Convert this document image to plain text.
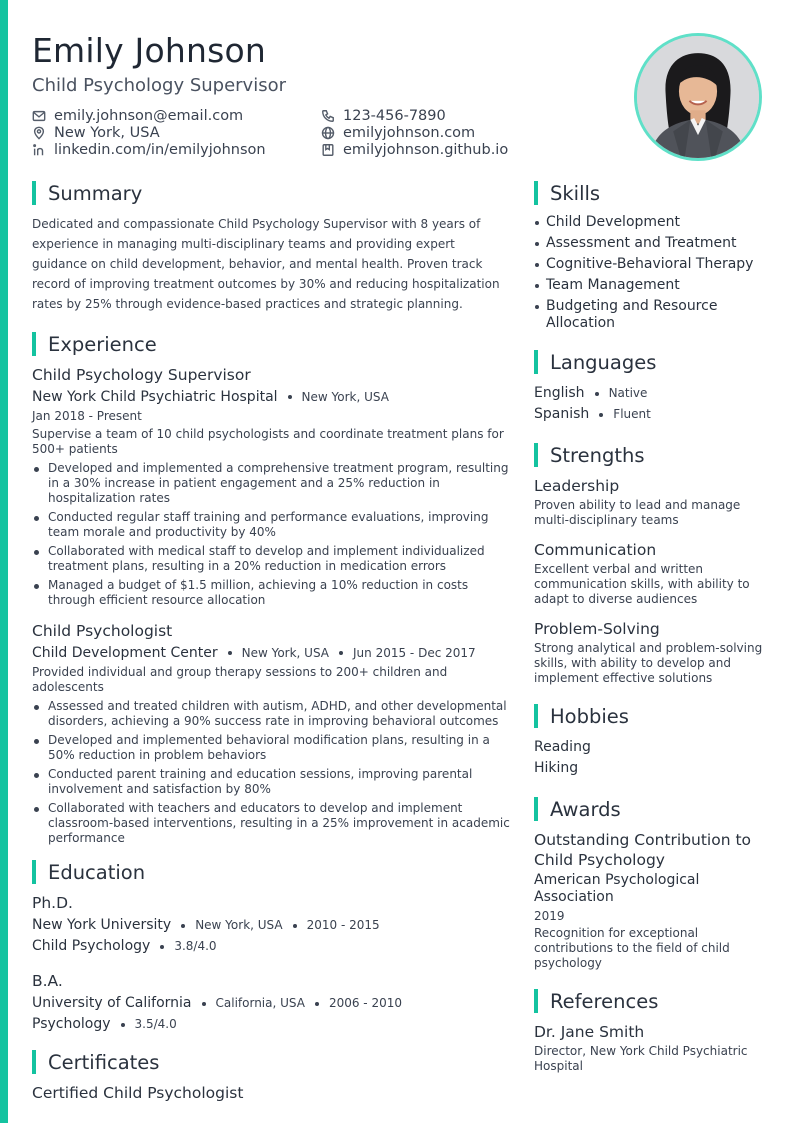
Emily Johnson
Child Psychology Supervisor
emily.johnson@email.com	123-456-7890
New York, USA	emilyjohnson.com
linkedin.com/in/emilyjohnson	emilyjohnson.github.io
Summary

Dedicated and compassionate Child Psychology Supervisor with 8 years of experience in managing multi-disciplinary teams and providing expert guidance on child development, behavior, and mental health. Proven track record of improving treatment outcomes by 30% and reducing hospitalization rates by 25% through evidence-based practices and strategic planning.

Experience
Child Psychology Supervisor
New York Child Psychiatric Hospital New York, USA
Jan 2018 - Present
Supervise a team of 10 child psychologists and coordinate treatment plans for 500+ patients
Developed and implemented a comprehensive treatment program, resulting in a 30% increase in patient engagement and a 25% reduction in hospitalization rates
Conducted regular staff training and performance evaluations, improving team morale and productivity by 40%
Collaborated with medical staff to develop and implement individualized treatment plans, resulting in a 20% reduction in medication errors
Managed a budget of $1.5 million, achieving a 10% reduction in costs through efficient resource allocation
Child Psychologist
Child Development Center New York, USA Jun 2015 - Dec 2017
Provided individual and group therapy sessions to 200+ children and adolescents
Assessed and treated children with autism, ADHD, and other developmental disorders, achieving a 90% success rate in improving behavioral outcomes
Developed and implemented behavioral modification plans, resulting in a 50% reduction in problem behaviors
Conducted parent training and education sessions, improving parental involvement and satisfaction by 80%
Collaborated with teachers and educators to develop and implement classroom-based interventions, resulting in a 25% improvement in academic performance
Education
Ph.D.
New York University New York, USA 2010 - 2015
Child Psychology 3.8/4.0
B.A.
University of California California, USA 2006 - 2010
Psychology 3.5/4.0
Certificates
Certified Child Psychologist
Skills
Child Development
Assessment and Treatment
Cognitive-Behavioral Therapy
Team Management
Budgeting and Resource Allocation
Languages
English Native
Spanish Fluent
Strengths
Leadership
Proven ability to lead and manage multi-disciplinary teams
Communication
Excellent verbal and written communication skills, with ability to adapt to diverse audiences
Problem-Solving
Strong analytical and problem-solving skills, with ability to develop and implement effective solutions
Hobbies
Reading
Hiking
Awards
Outstanding Contribution to Child Psychology
American Psychological Association
2019
Recognition for exceptional contributions to the field of child psychology
References
Dr. Jane Smith
Director, New York Child Psychiatric Hospital
